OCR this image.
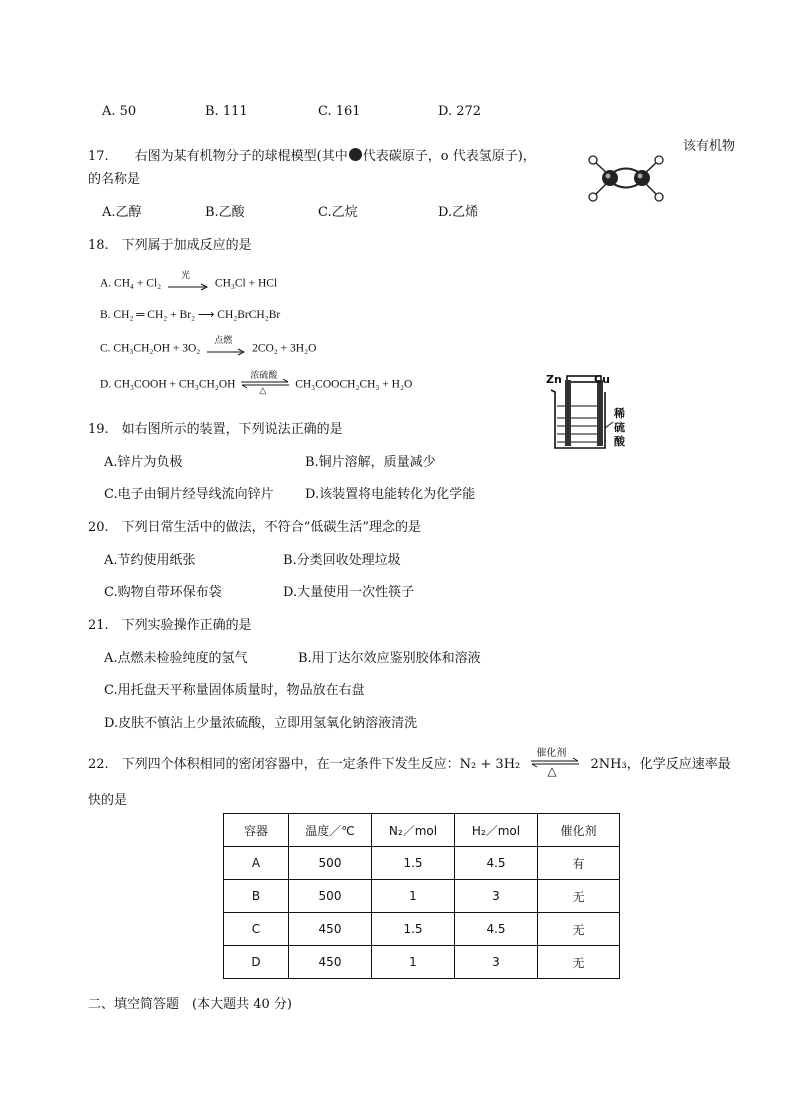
A. 50	B. 111	C. 161	D. 272
17.　　右图为某有机物分子的球棍模型(其中 代表碳原子，o 代表氢原子)，
该有机物
的名称是
A.乙醇	B.乙酸	C.乙烷	D.乙烯
18.　下列属于加成反应的是
A. CH₄ + Cl₂
光
CH₃Cl + HCl
B. CH₂ ═ CH₂ + Br₂ ⟶ CH₂BrCH₂Br
C. CH₃CH₂OH + 3O₂
点燃
2CO₂ + 3H₂O
D. CH₃COOH + CH₃CH₂OH
浓硫酸
△	CH₃COOCH₂CH₃ + H₂O	Zn	Cu
稀
硫
酸
19.　如右图所示的装置，下列说法正确的是
A.锌片为负极	B.铜片溶解，质量减少
C.电子由铜片经导线流向锌片 D.该装置将电能转化为化学能
20.　下列日常生活中的做法，不符合“低碳生活”理念的是
A.节约使用纸张	B.分类回收处理垃圾
C.购物自带环保布袋	D.大量使用一次性筷子
21.　下列实验操作正确的是
A.点燃未检验纯度的氢气	B.用丁达尔效应鉴别胶体和溶液
C.用托盘天平称量固体质量时，物品放在右盘
D.皮肤不慎沾上少量浓硫酸，立即用氢氧化钠溶液清洗
22.　下列四个体积相同的密闭容器中，在一定条件下发生反应：N₂ + 3H₂
催化剂
△	2NH₃，化学反应速率最
快的是
容器	温度／℃	N₂／mol	H₂／mol	催化剂
A	500	1.5	4.5	有
B	500	1	3	无
C	450	1.5	4.5	无
D	450	1	3	无
二、填空简答题　(本大题共 40 分)
